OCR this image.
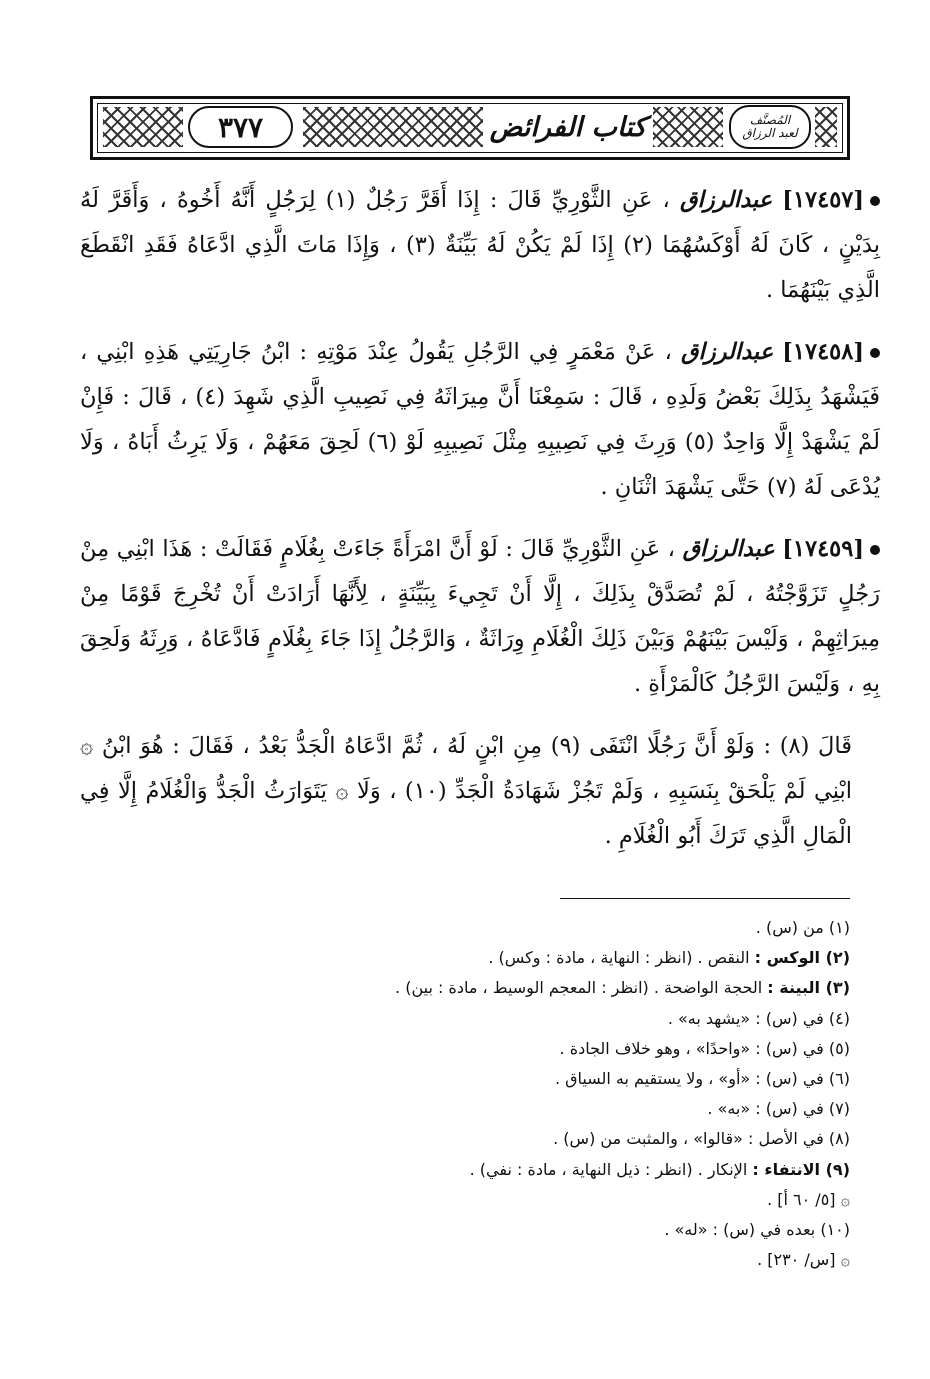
٣٧٧	كتاب الفرائض	المُصنَّف
لعبد الرزاق

[١٧٤٥٧] عبدالرزاق ، عَنِ الثَّوْرِيِّ قَالَ : إِذَا أَقَرَّ رَجُلٌ (١) لِرَجُلٍ أَنَّهُ أَخُوهُ ، وَأَقَرَّ لَهُ بِدَيْنٍ ، كَانَ لَهُ أَوْكَسُهُمَا (٢) إِذَا لَمْ يَكُنْ لَهُ بَيِّنَةٌ (٣) ، وَإِذَا مَاتَ الَّذِي ادَّعَاهُ فَقَدِ انْقَطَعَ الَّذِي بَيْنَهُمَا .

[١٧٤٥٨] عبدالرزاق ، عَنْ مَعْمَرٍ فِي الرَّجُلِ يَقُولُ عِنْدَ مَوْتِهِ : ابْنُ جَارِيَتِي هَذِهِ ابْنِي ، فَيَشْهَدُ بِذَلِكَ بَعْضُ وَلَدِهِ ، قَالَ : سَمِعْنَا أَنَّ مِيرَاثَهُ فِي نَصِيبِ الَّذِي شَهِدَ (٤) ، قَالَ : فَإِنْ لَمْ يَشْهَدْ إِلَّا وَاحِدٌ (٥) وَرِثَ فِي نَصِيبِهِ مِثْلَ نَصِيبِهِ لَوْ (٦) لَحِقَ مَعَهُمْ ، وَلَا يَرِثُ أَبَاهُ ، وَلَا يُدْعَى لَهُ (٧) حَتَّى يَشْهَدَ اثْنَانِ .

[١٧٤٥٩] عبدالرزاق ، عَنِ الثَّوْرِيِّ قَالَ : لَوْ أَنَّ امْرَأَةً جَاءَتْ بِغُلَامٍ فَقَالَتْ : هَذَا ابْنِي مِنْ رَجُلٍ تَزَوَّجْتُهُ ، لَمْ تُصَدَّقْ بِذَلِكَ ، إِلَّا أَنْ تَجِيءَ بِبَيِّنَةٍ ، لِأَنَّهَا أَرَادَتْ أَنْ تُخْرِجَ قَوْمًا مِنْ مِيرَاثِهِمْ ، وَلَيْسَ بَيْنَهُمْ وَبَيْنَ ذَلِكَ الْغُلَامِ وِرَاثَةٌ ، وَالرَّجُلُ إِذَا جَاءَ بِغُلَامٍ فَادَّعَاهُ ، وَرِثَهُ وَلَحِقَ بِهِ ، وَلَيْسَ الرَّجُلُ كَالْمَرْأَةِ .

قَالَ (٨) : وَلَوْ أَنَّ رَجُلًا انْتَفَى (٩) مِنِ ابْنٍ لَهُ ، ثُمَّ ادَّعَاهُ الْجَدُّ بَعْدُ ، فَقَالَ : هُوَ ابْنُ ۞ ابْنِي لَمْ يَلْحَقْ بِنَسَبِهِ ، وَلَمْ تَجُزْ شَهَادَةُ الْجَدِّ (١٠) ، وَلَا ۞ يَتَوَارَثُ الْجَدُّ وَالْغُلَامُ إِلَّا فِي الْمَالِ الَّذِي تَرَكَ أَبُو الْغُلَامِ .

(١) من (س) .
(٢) الوكس : النقص . (انظر : النهاية ، مادة : وكس) .
(٣) البينة : الحجة الواضحة . (انظر : المعجم الوسيط ، مادة : بين) .
(٤) في (س) : «يشهد به» .
(٥) في (س) : «واحدًا» ، وهو خلاف الجادة .
(٦) في (س) : «أو» ، ولا يستقيم به السياق .
(٧) في (س) : «به» .
(٨) في الأصل : «قالوا» ، والمثبت من (س) .
(٩) الانتفاء : الإنكار . (انظر : ذيل النهاية ، مادة : نفي) .
۞ [٥/ ٦٠ أ] .
(١٠) بعده في (س) : «له» .
۞ [س/ ٢٣٠] .
